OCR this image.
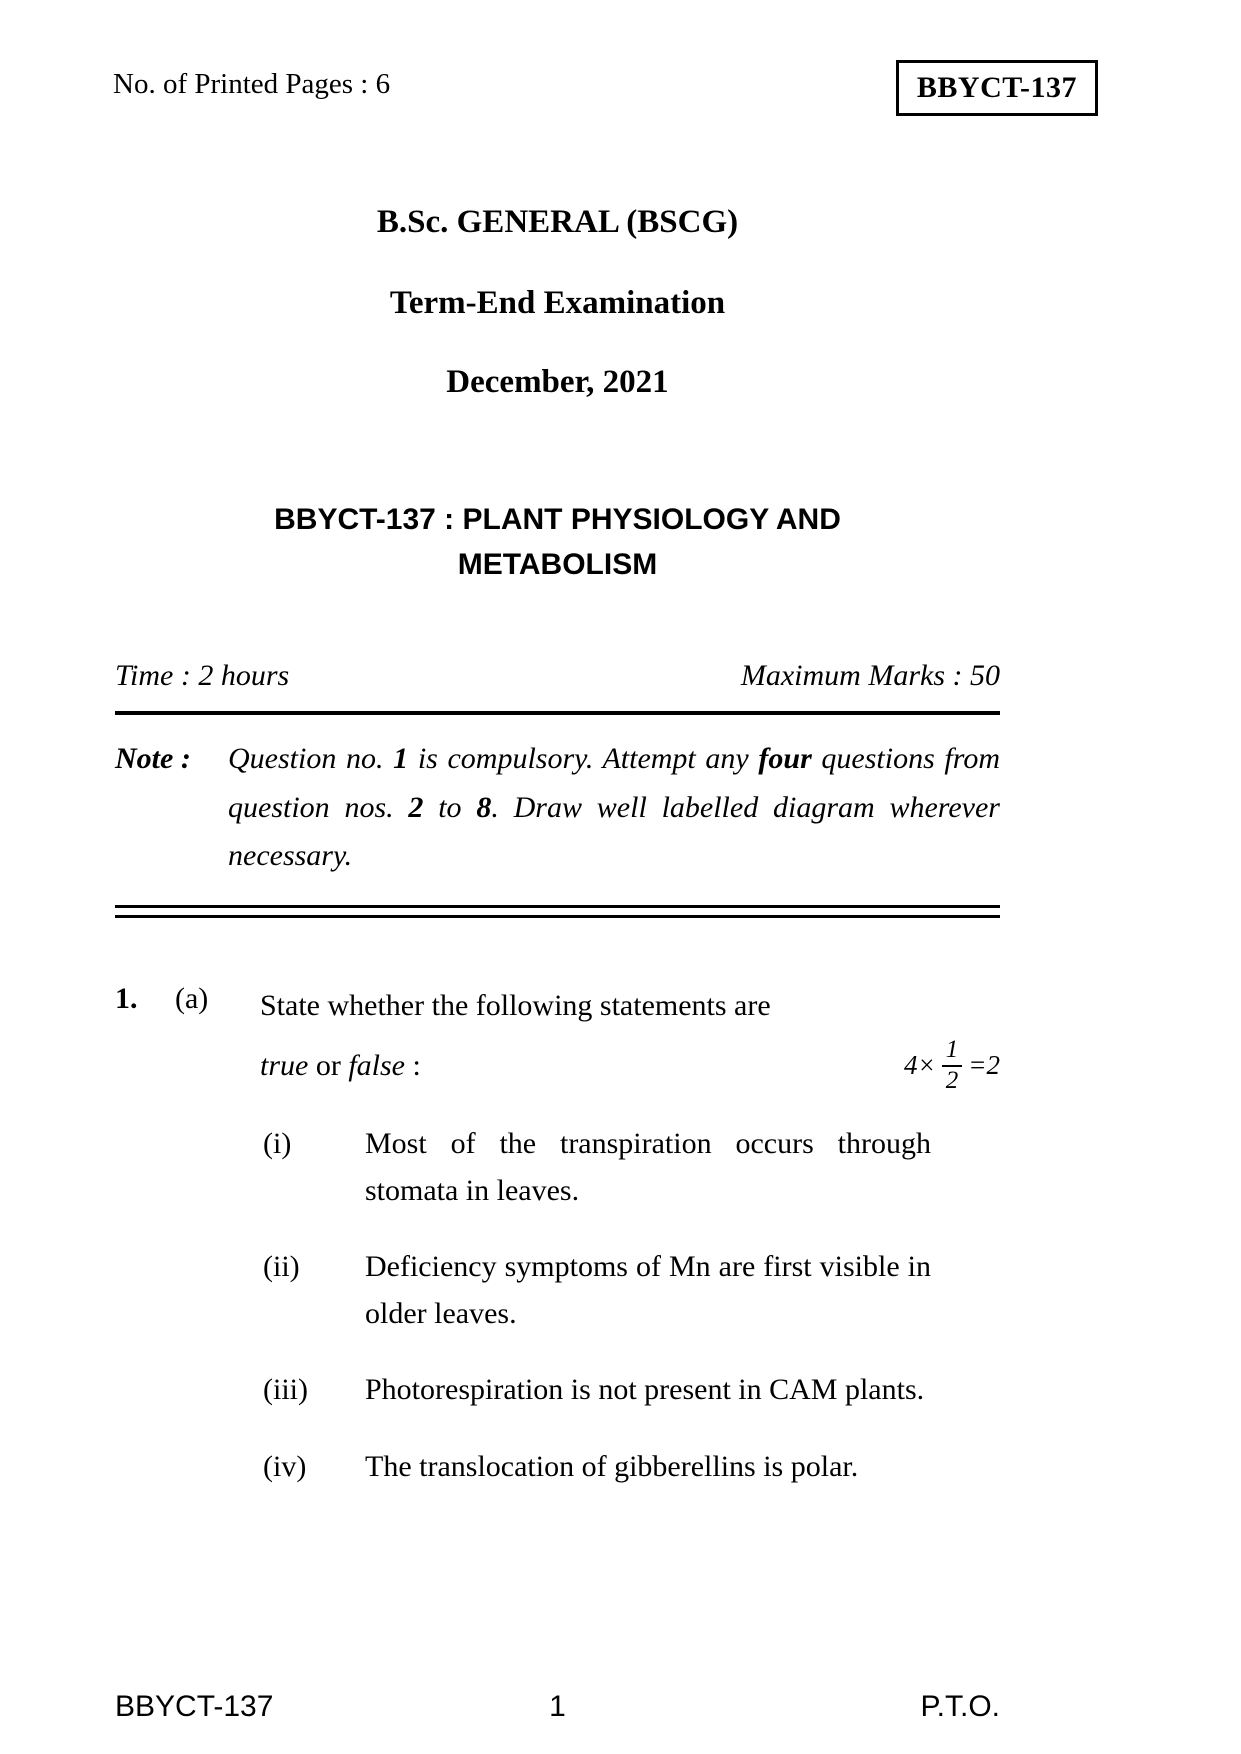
No. of Printed Pages : 6	BBYCT-137
B.Sc. GENERAL (BSCG)
Term-End Examination
December, 2021
BBYCT-137 : PLANT PHYSIOLOGY AND
METABOLISM
Time : 2 hours	Maximum Marks : 50
Note :	Question no. 1 is compulsory. Attempt any four questions from question nos. 2 to 8. Draw well labelled diagram wherever necessary.
1.	(a)	State whether the following statements are
true or false :	$4\times \frac{1}{2} =2$
(i)	Most of the transpiration occurs through stomata in leaves.
(ii)	Deficiency symptoms of Mn are first visible in older leaves.
(iii)	Photorespiration is not present in CAM plants.
(iv)	The translocation of gibberellins is polar.
BBYCT-137	1	P.T.O.
